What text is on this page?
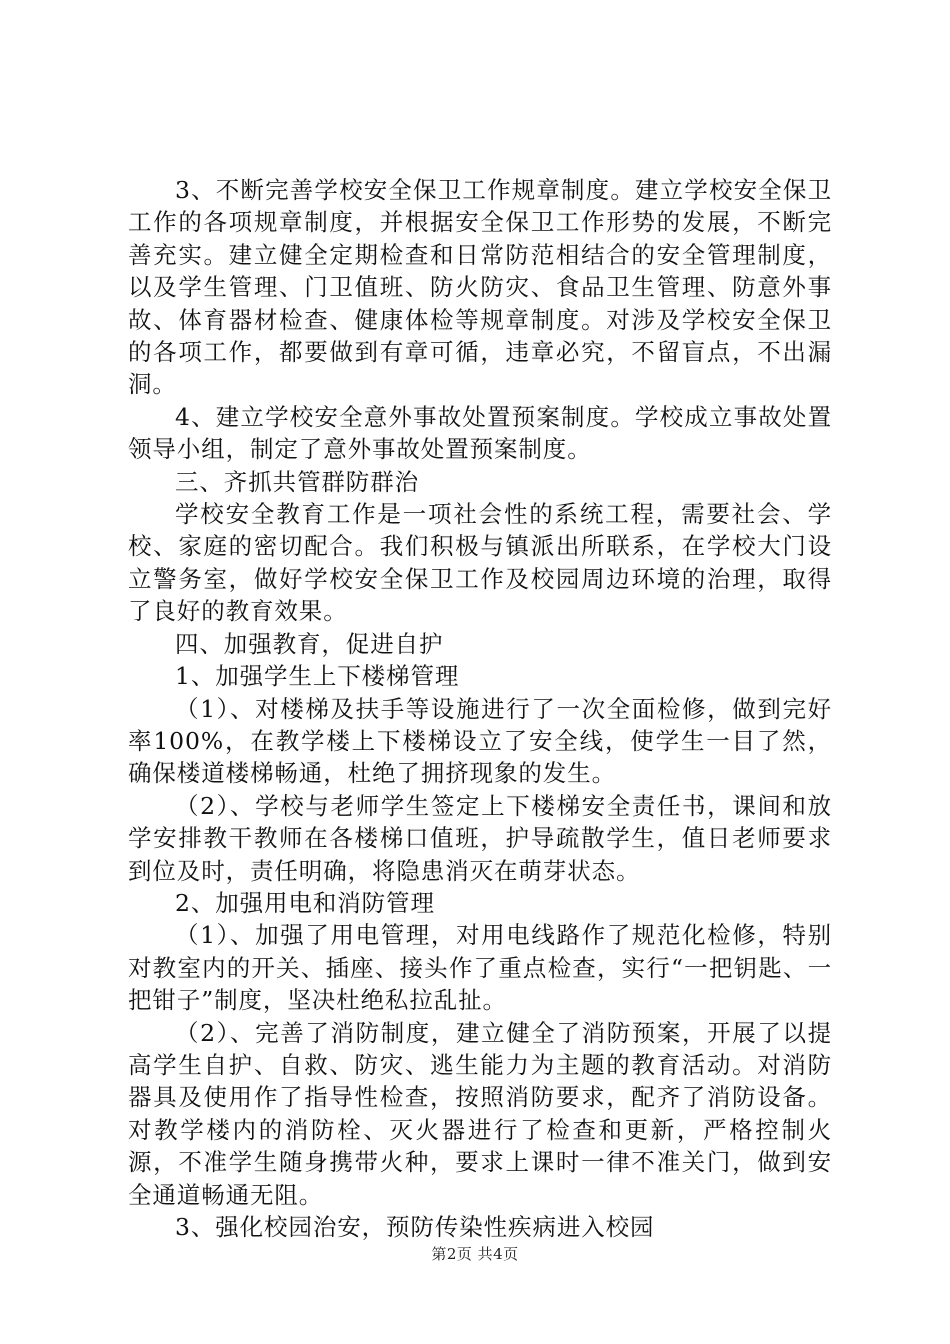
3、不断完善学校安全保卫工作规章制度。建立学校安全保卫工作的各项规章制度，并根据安全保卫工作形势的发展，不断完善充实。建立健全定期检查和日常防范相结合的安全管理制度，以及学生管理、门卫值班、防火防灾、食品卫生管理、防意外事故、体育器材检查、健康体检等规章制度。对涉及学校安全保卫的各项工作，都要做到有章可循，违章必究，不留盲点，不出漏洞。

4、建立学校安全意外事故处置预案制度。学校成立事故处置领导小组，制定了意外事故处置预案制度。

三、齐抓共管群防群治

学校安全教育工作是一项社会性的系统工程，需要社会、学校、家庭的密切配合。我们积极与镇派出所联系，在学校大门设立警务室，做好学校安全保卫工作及校园周边环境的治理，取得了良好的教育效果。

四、加强教育，促进自护

1、加强学生上下楼梯管理

（1）、对楼梯及扶手等设施进行了一次全面检修，做到完好率100%，在教学楼上下楼梯设立了安全线，使学生一目了然，确保楼道楼梯畅通，杜绝了拥挤现象的发生。

（2）、学校与老师学生签定上下楼梯安全责任书，课间和放学安排教干教师在各楼梯口值班，护导疏散学生，值日老师要求到位及时，责任明确，将隐患消灭在萌芽状态。

2、加强用电和消防管理

（1）、加强了用电管理，对用电线路作了规范化检修，特别对教室内的开关、插座、接头作了重点检查，实行“一把钥匙、一把钳子”制度，坚决杜绝私拉乱扯。

（2）、完善了消防制度，建立健全了消防预案，开展了以提高学生自护、自救、防灾、逃生能力为主题的教育活动。对消防器具及使用作了指导性检查，按照消防要求，配齐了消防设备。对教学楼内的消防栓、灭火器进行了检查和更新，严格控制火源，不准学生随身携带火种，要求上课时一律不准关门，做到安全通道畅通无阻。

3、强化校园治安，预防传染性疾病进入校园

第2页 共4页
